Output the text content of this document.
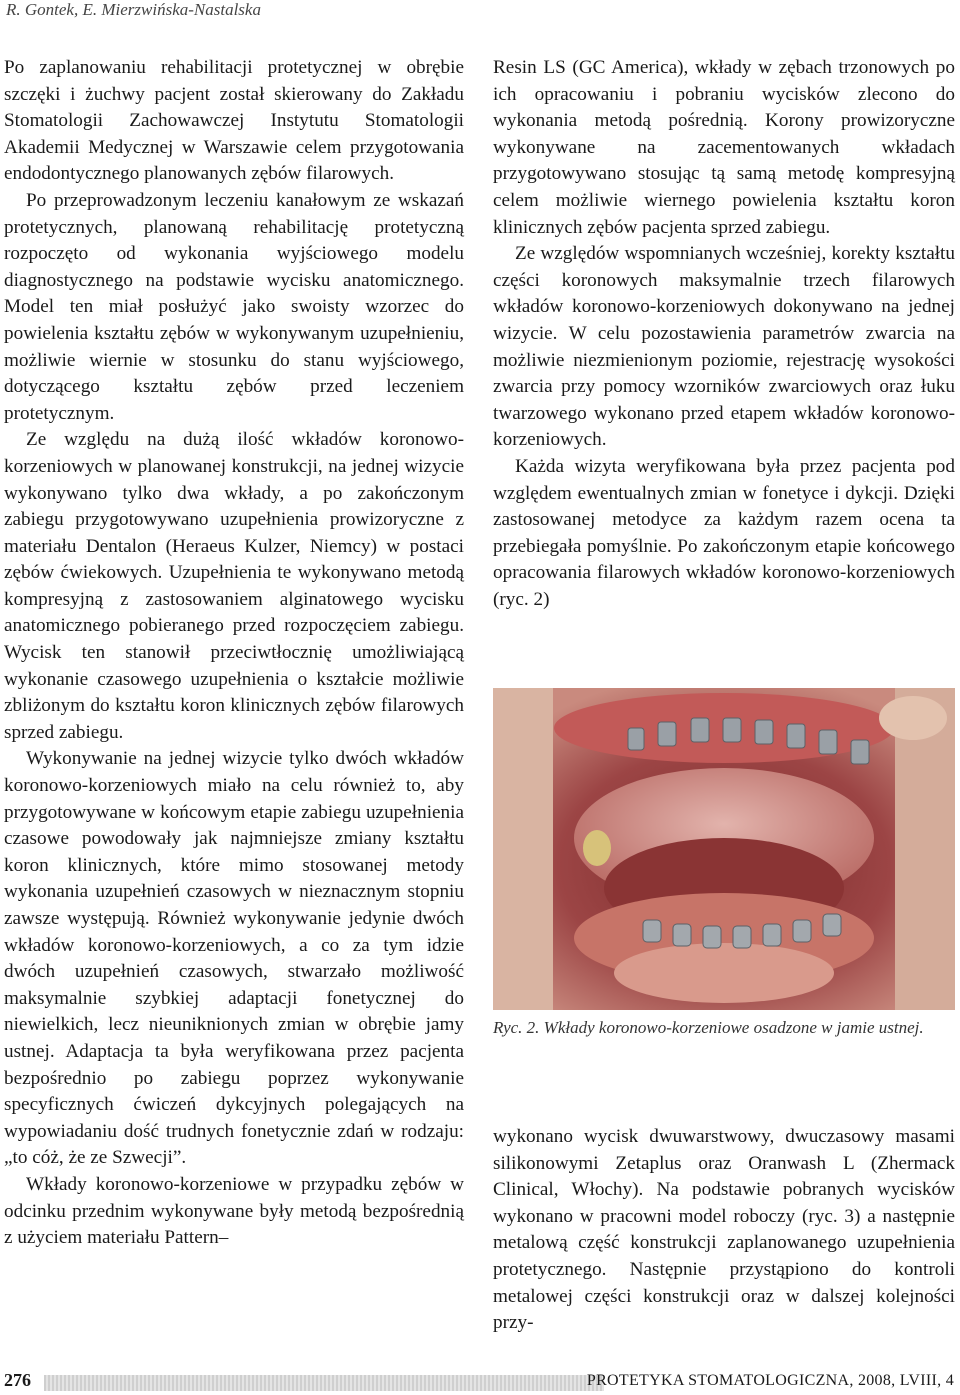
R. Gontek, E. Mierzwińska-Nastalska

Po zaplanowaniu rehabilitacji protetycznej w obrębie szczęki i żuchwy pacjent został skierowany do Zakładu Stomatologii Zachowawczej Instytutu Stomatologii Akademii Medycznej w Warszawie celem przygotowania endodontycznego planowanych zębów filarowych.

Po przeprowadzonym leczeniu kanałowym ze wskazań protetycznych, planowaną rehabilitację protetyczną rozpoczęto od wykonania wyjściowego modelu diagnostycznego na podstawie wycisku anatomicznego. Model ten miał posłużyć jako swoisty wzorzec do powielenia kształtu zębów w wykonywanym uzupełnieniu, możliwie wiernie w stosunku do stanu wyjściowego, dotyczącego kształtu zębów przed leczeniem protetycznym.

Ze względu na dużą ilość wkładów koronowo-korzeniowych w planowanej konstrukcji, na jednej wizycie wykonywano tylko dwa wkłady, a po zakończonym zabiegu przygotowywano uzupełnienia prowizoryczne z materiału Dentalon (Heraeus Kulzer, Niemcy) w postaci zębów ćwiekowych. Uzupełnienia te wykonywano metodą kompresyjną z zastosowaniem alginatowego wycisku anatomicznego pobieranego przed rozpoczęciem zabiegu. Wycisk ten stanowił przeciwtłocznię umożliwiającą wykonanie czasowego uzupełnienia o kształcie możliwie zbliżonym do kształtu koron klinicznych zębów filarowych sprzed zabiegu.

Wykonywanie na jednej wizycie tylko dwóch wkładów koronowo-korzeniowych miało na celu również to, aby przygotowywane w końcowym etapie zabiegu uzupełnienia czasowe powodowały jak najmniejsze zmiany kształtu koron klinicznych, które mimo stosowanej metody wykonania uzupełnień czasowych w nieznacznym stopniu zawsze występują. Również wykonywanie jedynie dwóch wkładów koronowo-korzeniowych, a co za tym idzie dwóch uzupełnień czasowych, stwarzało możliwość maksymalnie szybkiej adaptacji fonetycznej do niewielkich, lecz nieuniknionych zmian w obrębie jamy ustnej. Adaptacja ta była weryfikowana przez pacjenta bezpośrednio po zabiegu poprzez wykonywanie specyficznych ćwiczeń dykcyjnych polegających na wypowiadaniu dość trudnych fonetycznie zdań w rodzaju: „to cóż, że ze Szwecji”.

Wkłady koronowo-korzeniowe w przypadku zębów w odcinku przednim wykonywane były metodą bezpośrednią z użyciem materiału Pattern–

Resin LS (GC America), wkłady w zębach trzonowych po ich opracowaniu i pobraniu wycisków zlecono do wykonania metodą pośrednią. Korony prowizoryczne wykonywane na zacementowanych wkładach przygotowywano stosując tą samą metodę kompresyjną celem możliwie wiernego powielenia kształtu koron klinicznych zębów pacjenta sprzed zabiegu.

Ze względów wspomnianych wcześniej, korekty kształtu części koronowych maksymalnie trzech filarowych wkładów koronowo-korzeniowych dokonywano na jednej wizycie. W celu pozostawienia parametrów zwarcia na możliwie niezmienionym poziomie, rejestrację wysokości zwarcia przy pomocy wzorników zwarciowych oraz łuku twarzowego wykonano przed etapem wkładów koronowo-korzeniowych.

Każda wizyta weryfikowana była przez pacjenta pod względem ewentualnych zmian w fonetyce i dykcji. Dzięki zastosowanej metodyce za każdym razem ocena ta przebiegała pomyślnie. Po zakończonym etapie końcowego opracowania filarowych wkładów koronowo-korzeniowych (ryc. 2)

Ryc. 2. Wkłady koronowo-korzeniowe osadzone w jamie ustnej.

wykonano wycisk dwuwarstwowy, dwuczasowy masami silikonowymi Zetaplus oraz Oranwash L (Zhermack Clinical, Włochy). Na podstawie pobranych wycisków wykonano w pracowni model roboczy (ryc. 3) a następnie metalową część konstrukcji zaplanowanego uzupełnienia protetycznego. Następnie przystąpiono do kontroli metalowej części konstrukcji oraz w dalszej kolejności przy-

276	PROTETYKA STOMATOLOGICZNA, 2008, LVIII, 4
